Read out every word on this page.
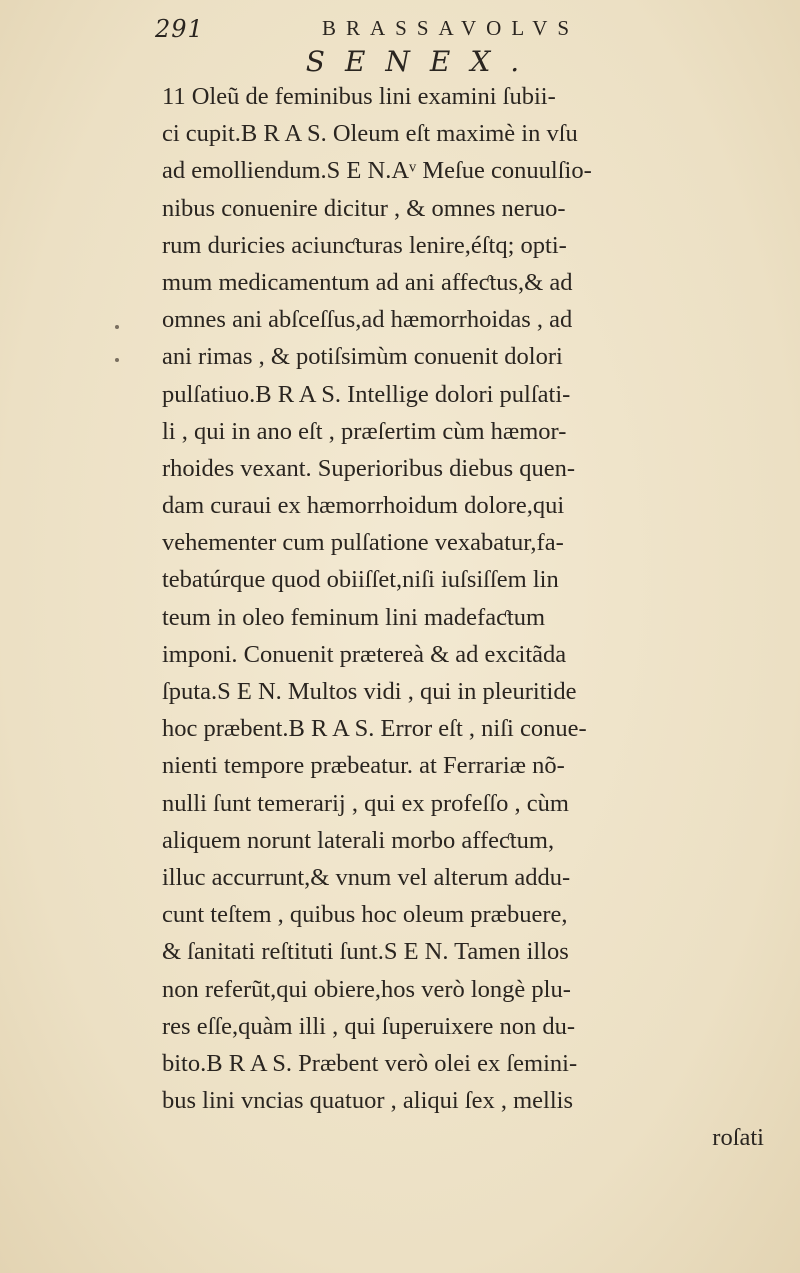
291	BRASSAVOLVS
SENEX.
11 Oleũ de feminibus lini examini ſubii-
ci cupit.B R A S. Oleum eſt maximè in vſu
ad emolliendum.S E N.Aᵛ Meſue conuulſio-
nibus conuenire dicitur , & omnes neruo-
rum duricies aciunƈturas lenire,éſtq; opti-
mum medicamentum ad ani affeƈtus,& ad
omnes ani abſceſſus,ad hæmorrhoidas , ad
ani rimas , & potiſsimùm conuenit dolori
pulſatiuo.B R A S. Intellige dolori pulſati-
li , qui in ano eſt , præſertim cùm hæmor-
rhoides vexant. Superioribus diebus quen-
dam curaui ex hæmorrhoidum dolore,qui
vehementer cum pulſatione vexabatur,fa-
tebatúrque quod obiiſſet,niſi iuſsiſſem lin
teum in oleo feminum lini madefaƈtum
imponi. Conuenit prætereà & ad excitãda
ſputa.S E N. Multos vidi , qui in pleuritide
hoc præbent.B R A S. Error eſt , niſi conue-
nienti tempore præbeatur. at Ferrariæ nõ-
nulli ſunt temerarij , qui ex profeſſo , cùm
aliquem norunt laterali morbo affeƈtum,
illuc accurrunt,& vnum vel alterum addu-
cunt teſtem , quibus hoc oleum præbuere,
& ſanitati reſtituti ſunt.S E N. Tamen illos
non referũt,qui obiere,hos verò longè plu-
res eſſe,quàm illi , qui ſuperuixere non du-
bito.B R A S. Præbent verò olei ex ſemini-
bus lini vncias quatuor , aliqui ſex , mellis
roſati
